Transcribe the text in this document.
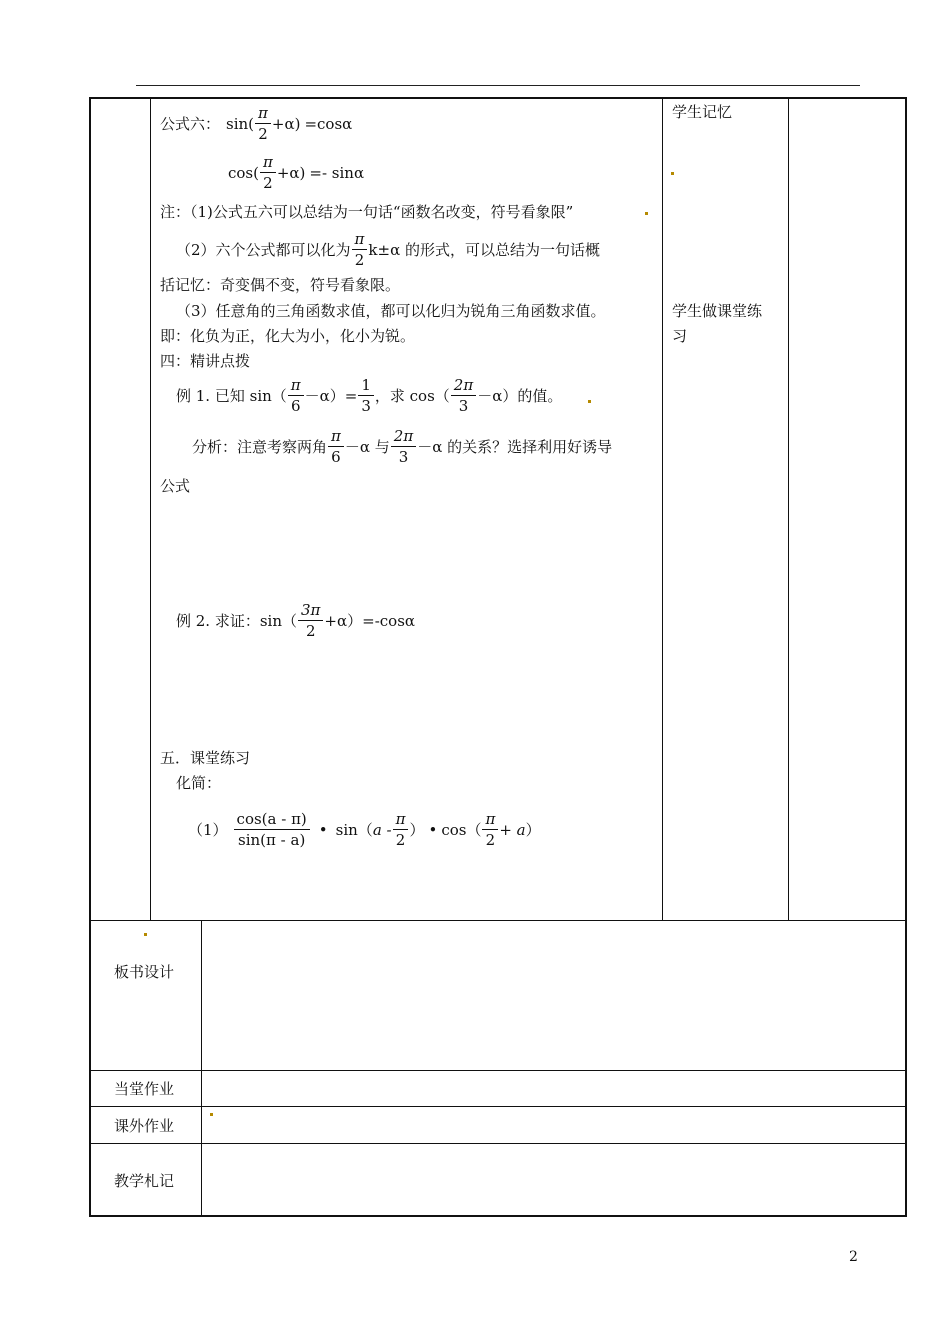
公式六： $\sin( \frac{\pi}{2} +\alpha) =\cos\alpha$
$\cos( \frac{\pi}{2} +\alpha) =- \sin\alpha$
注：（1)公式五六可以总结为一句话“函数名改变，符号看象限”
（2）六个公式都可以化为 $\frac{\pi}{2} k\pm\alpha$ 的形式，可以总结为一句话概
括记忆：奇变偶不变，符号看象限。
（3）任意角的三角函数求值，都可以化归为锐角三角函数求值。
即：化负为正，化大为小，化小为锐。
四：精讲点拨
例 1. 已知 $\sin( \frac{\pi}{6} -\alpha)= \frac{1}{3}$ ，求 $\cos( \frac{2\pi}{3} -\alpha)$的值。
分析：注意考察两角 $\frac{\pi}{6} -\alpha$ 与 $\frac{2\pi}{3} -\alpha$ 的关系？选择利用好诱导
公式
例 2. 求证：$\sin( \frac{3\pi}{2} +\alpha)=-\cos\alpha$
五．课堂练习
化简：
$(1) \frac{\cos(a - \pi)}{\sin(\pi - a)}$ • sin（ a - $\frac{\pi}{2}$ ） • $\cos( \frac{\pi}{2} + a$ ）
学生记忆
学生做课堂练
习
板书设计
当堂作业
课外作业
教学札记
2
